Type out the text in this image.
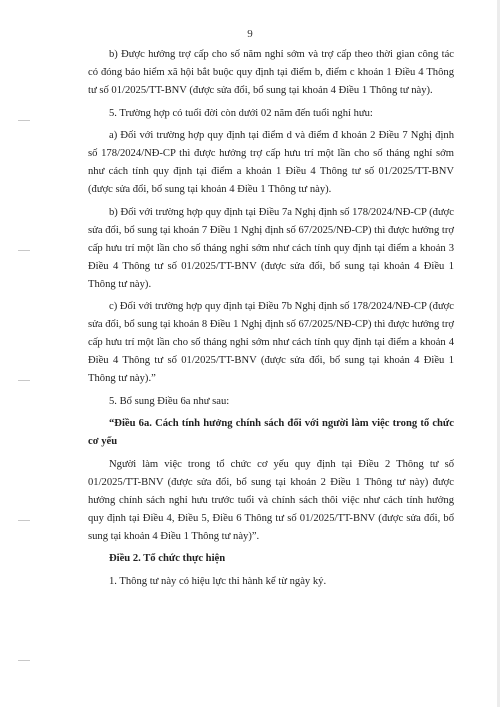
9

b) Được hưởng trợ cấp cho số năm nghỉ sớm và trợ cấp theo thời gian công tác có đóng bảo hiểm xã hội bắt buộc quy định tại điểm b, điểm c khoản 1 Điều 4 Thông tư số 01/2025/TT-BNV (được sửa đổi, bổ sung tại khoản 4 Điều 1 Thông tư này).

5. Trường hợp có tuổi đời còn dưới 02 năm đến tuổi nghỉ hưu:

a) Đối với trường hợp quy định tại điểm d và điểm đ khoản 2 Điều 7 Nghị định số 178/2024/NĐ-CP thì được hưởng trợ cấp hưu trí một lần cho số tháng nghỉ sớm như cách tính quy định tại điểm a khoản 1 Điều 4 Thông tư số 01/2025/TT-BNV (được sửa đổi, bổ sung tại khoản 4 Điều 1 Thông tư này).

b) Đối với trường hợp quy định tại Điều 7a Nghị định số 178/2024/NĐ-CP (được sửa đổi, bổ sung tại khoản 7 Điều 1 Nghị định số 67/2025/NĐ-CP) thì được hưởng trợ cấp hưu trí một lần cho số tháng nghỉ sớm như cách tính quy định tại điểm a khoản 3 Điều 4 Thông tư số 01/2025/TT-BNV (được sửa đổi, bổ sung tại khoản 4 Điều 1 Thông tư này).

c) Đối với trường hợp quy định tại Điều 7b Nghị định số 178/2024/NĐ-CP (được sửa đổi, bổ sung tại khoản 8 Điều 1 Nghị định số 67/2025/NĐ-CP) thì được hưởng trợ cấp hưu trí một lần cho số tháng nghỉ sớm như cách tính quy định tại điểm a khoản 4 Điều 4 Thông tư số 01/2025/TT-BNV (được sửa đổi, bổ sung tại khoản 4 Điều 1 Thông tư này).”

5. Bổ sung Điều 6a như sau:

“Điều 6a. Cách tính hưởng chính sách đối với người làm việc trong tổ chức cơ yếu

Người làm việc trong tổ chức cơ yếu quy định tại Điều 2 Thông tư số 01/2025/TT-BNV (được sửa đổi, bổ sung tại khoản 2 Điều 1 Thông tư này) được hưởng chính sách nghỉ hưu trước tuổi và chính sách thôi việc như cách tính hưởng quy định tại Điều 4, Điều 5, Điều 6 Thông tư số 01/2025/TT-BNV (được sửa đổi, bổ sung tại khoản 4 Điều 1 Thông tư này)”.

Điều 2. Tổ chức thực hiện

1. Thông tư này có hiệu lực thi hành kể từ ngày ký.
